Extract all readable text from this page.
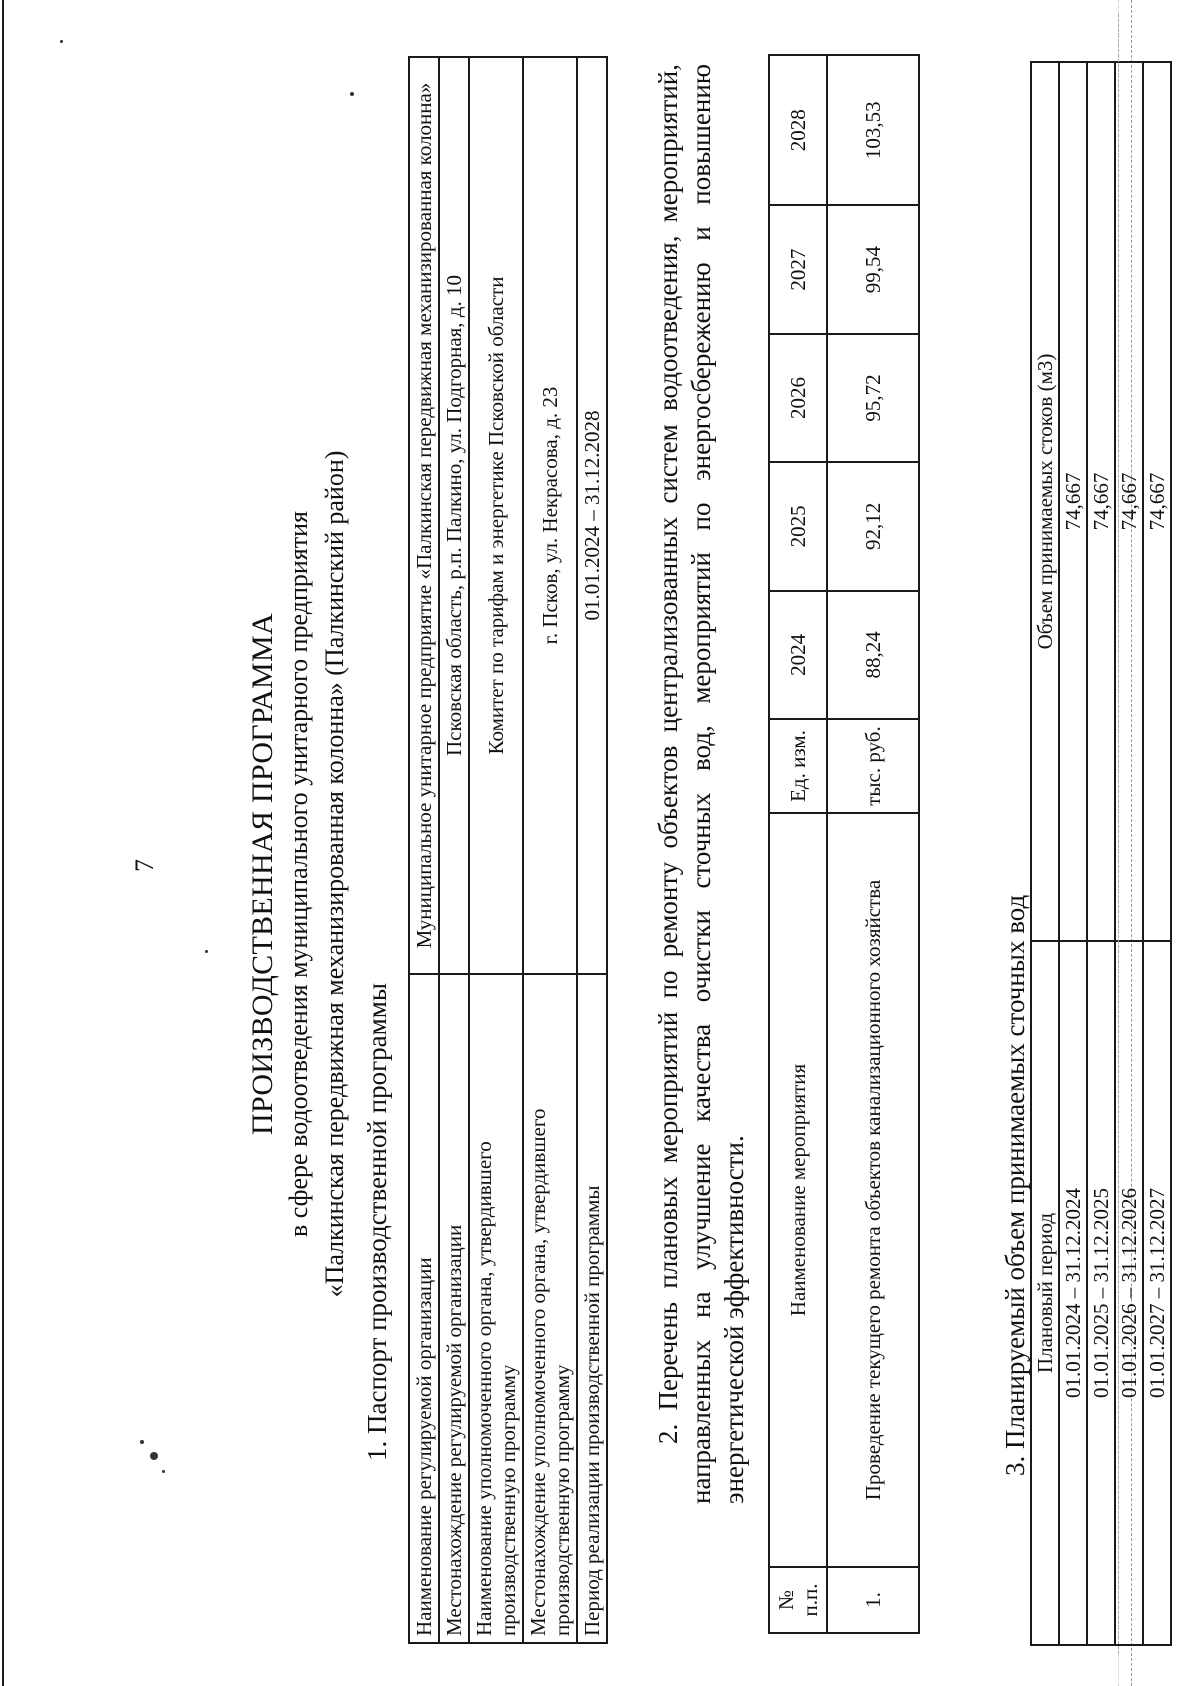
7	ПРОИЗВОДСТВЕННАЯ ПРОГРАММА в сфере водоотведения муниципального унитарного предприятия «Палкинская передвижная механизированная колонна» (Палкинский район) 1. Паспорт производственной программы Наименование регулируемой организации	Муниципальное унитарное предприятие «Палкинская передвижная механизированная колонна»
Местонахождение регулируемой организации	Псковская область, р.п. Палкино, ул. Подгорная, д. 10
Наименование уполномоченного органа, утвердившего производственную программу	Комитет по тарифам и энергетике Псковской области
Местонахождение уполномоченного органа, утвердившего производственную программу	г. Псков, ул. Некрасова, д. 23
Период реализации производственной программы	01.01.2024 – 31.12.2028 2. Перечень плановых мероприятий по ремонту объектов централизованных систем водоотведения, мероприятий, направленных на улучшение качества очистки сточных вод, мероприятий по энергосбережению и повышению энергетической эффективности.
№ п.п.	Наименование мероприятия	Ед. изм.	2024	2025	2026	2027	2028
1.	Проведение текущего ремонта объектов канализационного хозяйства	тыс. руб.	88,24	92,12	95,72	99,54	103,53
3. Планируемый объем принимаемых сточных вод Плановый период	Объем принимаемых стоков (м3)
01.01.2024 – 31.12.2024	74,667
01.01.2025 – 31.12.2025	74,667
01.01.2026 – 31.12.2026	74,667
01.01.2027 – 31.12.2027	74,667
